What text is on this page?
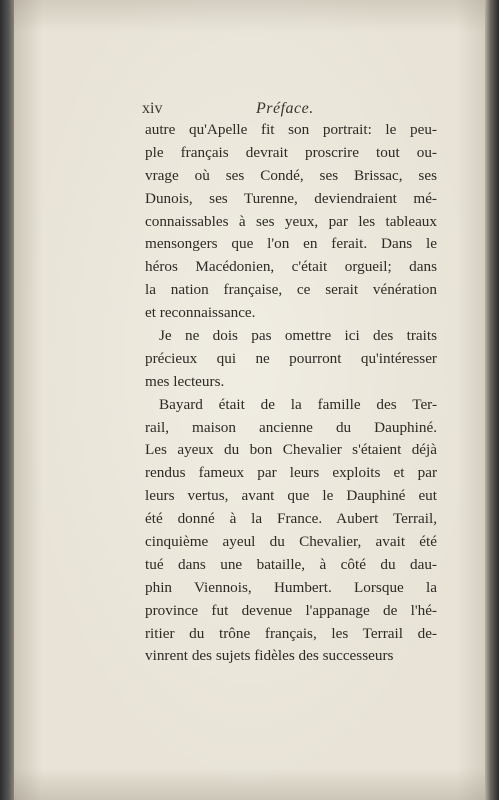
xiv	Préface.
autre qu'Apelle fit son portrait: le peu-
ple français devrait proscrire tout ou-
vrage où ses Condé, ses Brissac, ses
Dunois, ses Turenne, deviendraient mé-
connaissables à ses yeux, par les tableaux
mensongers que l'on en ferait. Dans le
héros Macédonien, c'était orgueil; dans
la nation française, ce serait vénération
et reconnaissance.
Je ne dois pas omettre ici des traits
précieux qui ne pourront qu'intéresser
mes lecteurs.
Bayard était de la famille des Ter-
rail, maison ancienne du Dauphiné.
Les ayeux du bon Chevalier s'étaient déjà
rendus fameux par leurs exploits et par
leurs vertus, avant que le Dauphiné eut
été donné à la France. Aubert Terrail,
cinquième ayeul du Chevalier, avait été
tué dans une bataille, à côté du dau-
phin Viennois, Humbert. Lorsque la
province fut devenue l'appanage de l'hé-
ritier du trône français, les Terrail de-
vinrent des sujets fidèles des successeurs
